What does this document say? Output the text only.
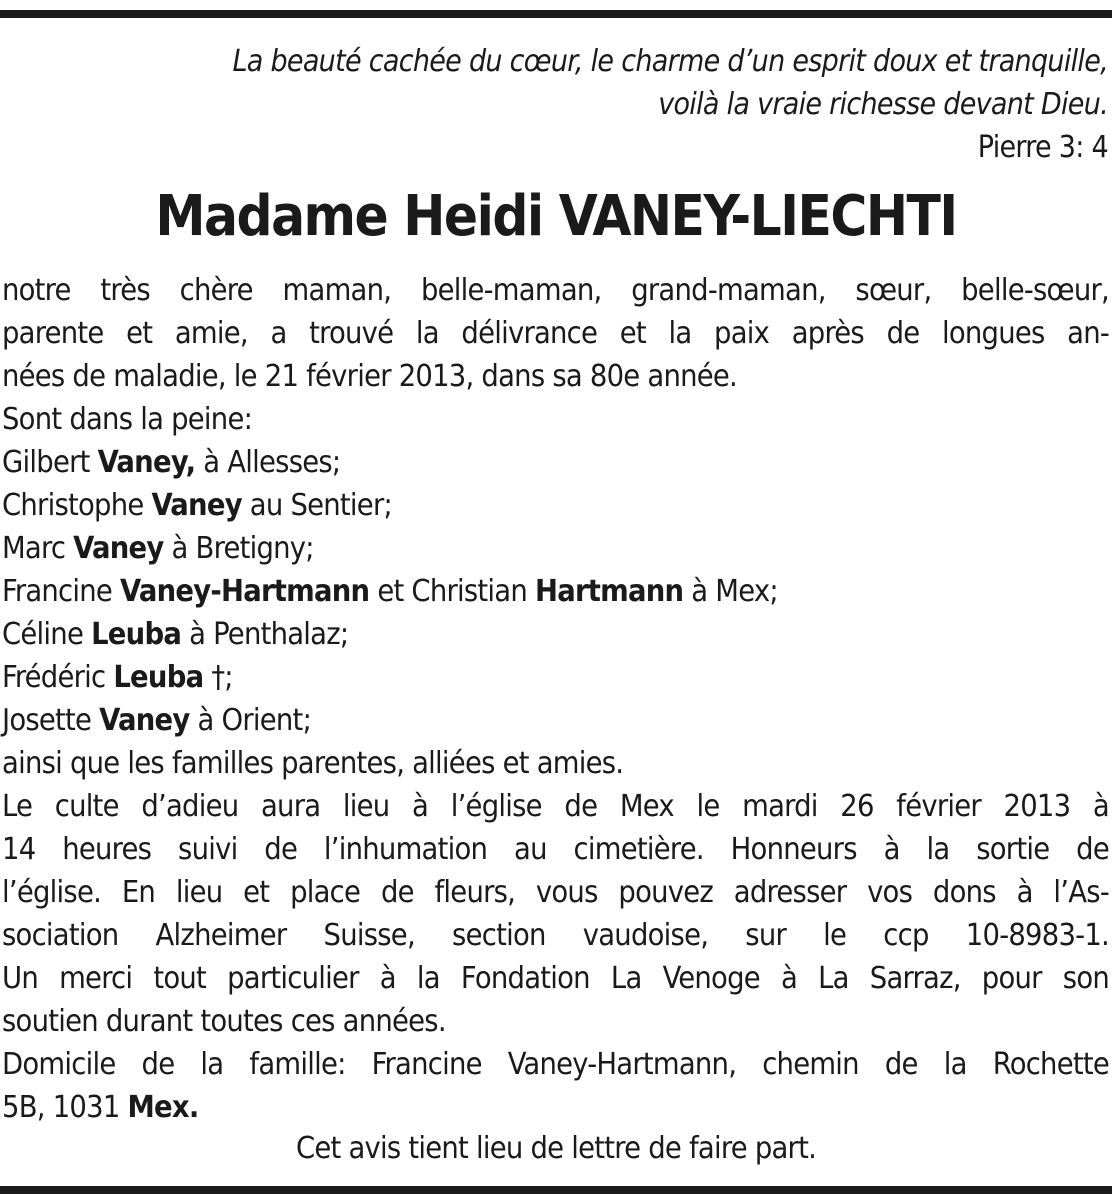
La beauté cachée du cœur, le charme d’un esprit doux et tranquille,
voilà la vraie richesse devant Dieu.
Pierre 3: 4
Madame Heidi VANEY-LIECHTI
notre très chère maman, belle-maman, grand-maman, sœur, belle-sœur,
parente et amie, a trouvé la délivrance et la paix après de longues an-
nées de maladie, le 21 février 2013, dans sa 80e année.
Sont dans la peine:
Gilbert Vaney, à Allesses;
Christophe Vaney au Sentier;
Marc Vaney à Bretigny;
Francine Vaney-Hartmann et Christian Hartmann à Mex;
Céline Leuba à Penthalaz;
Frédéric Leuba †;
Josette Vaney à Orient;
ainsi que les familles parentes, alliées et amies.
Le culte d’adieu aura lieu à l’église de Mex le mardi 26 février 2013 à
14 heures suivi de l’inhumation au cimetière. Honneurs à la sortie de
l’église. En lieu et place de fleurs, vous pouvez adresser vos dons à l’As-
sociation Alzheimer Suisse, section vaudoise, sur le ccp 10-8983-1.
Un merci tout particulier à la Fondation La Venoge à La Sarraz, pour son
soutien durant toutes ces années.
Domicile de la famille: Francine Vaney-Hartmann, chemin de la Rochette
5B, 1031 Mex.
Cet avis tient lieu de lettre de faire part.
